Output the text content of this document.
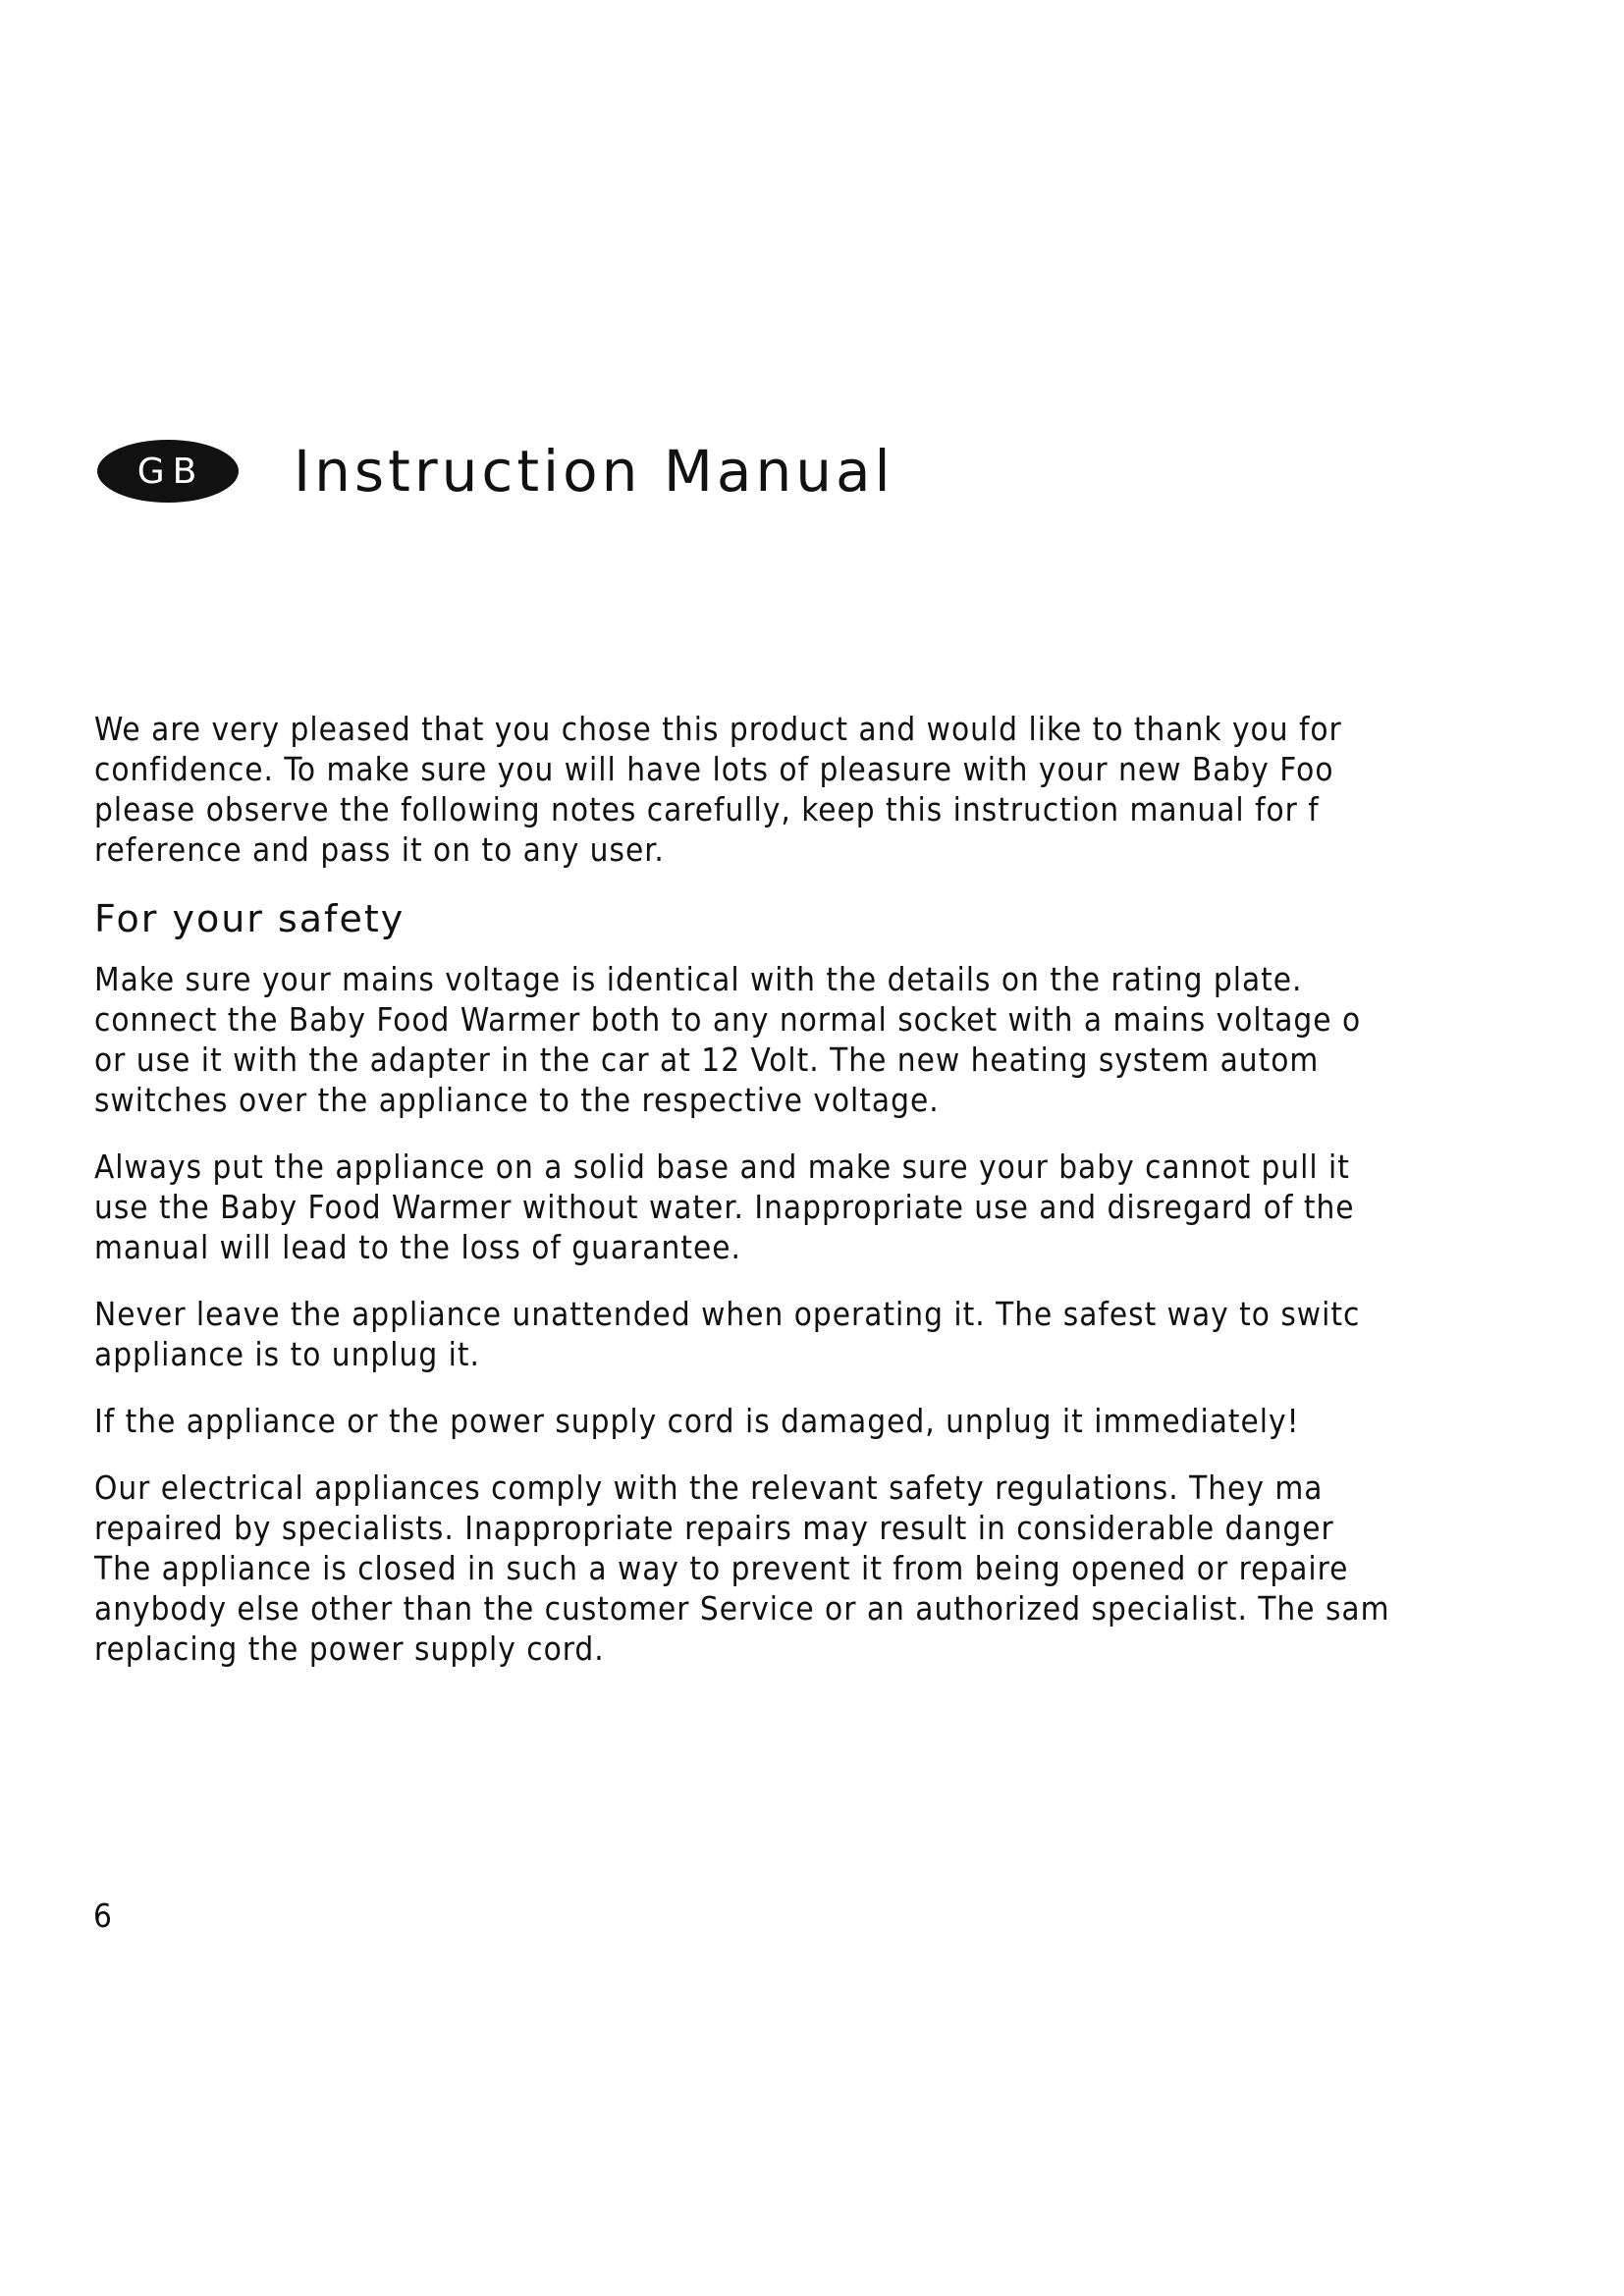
GB	Instruction Manual

We are very pleased that you chose this product and would like to thank you for
confidence. To make sure you will have lots of pleasure with your new Baby Foo
please observe the following notes carefully, keep this instruction manual for f
reference and pass it on to any user.

For your safety

Make sure your mains voltage is identical with the details on the rating plate.
connect the Baby Food Warmer both to any normal socket with a mains voltage o
or use it with the adapter in the car at 12 Volt. The new heating system autom
switches over the appliance to the respective voltage.

Always put the appliance on a solid base and make sure your baby cannot pull it
use the Baby Food Warmer without water. Inappropriate use and disregard of the
manual will lead to the loss of guarantee.

Never leave the appliance unattended when operating it. The safest way to switc
appliance is to unplug it.

If the appliance or the power supply cord is damaged, unplug it immediately!

Our electrical appliances comply with the relevant safety regulations. They ma
repaired by specialists. Inappropriate repairs may result in considerable danger
The appliance is closed in such a way to prevent it from being opened or repaire
anybody else other than the customer Service or an authorized specialist. The sam
replacing the power supply cord.

6
